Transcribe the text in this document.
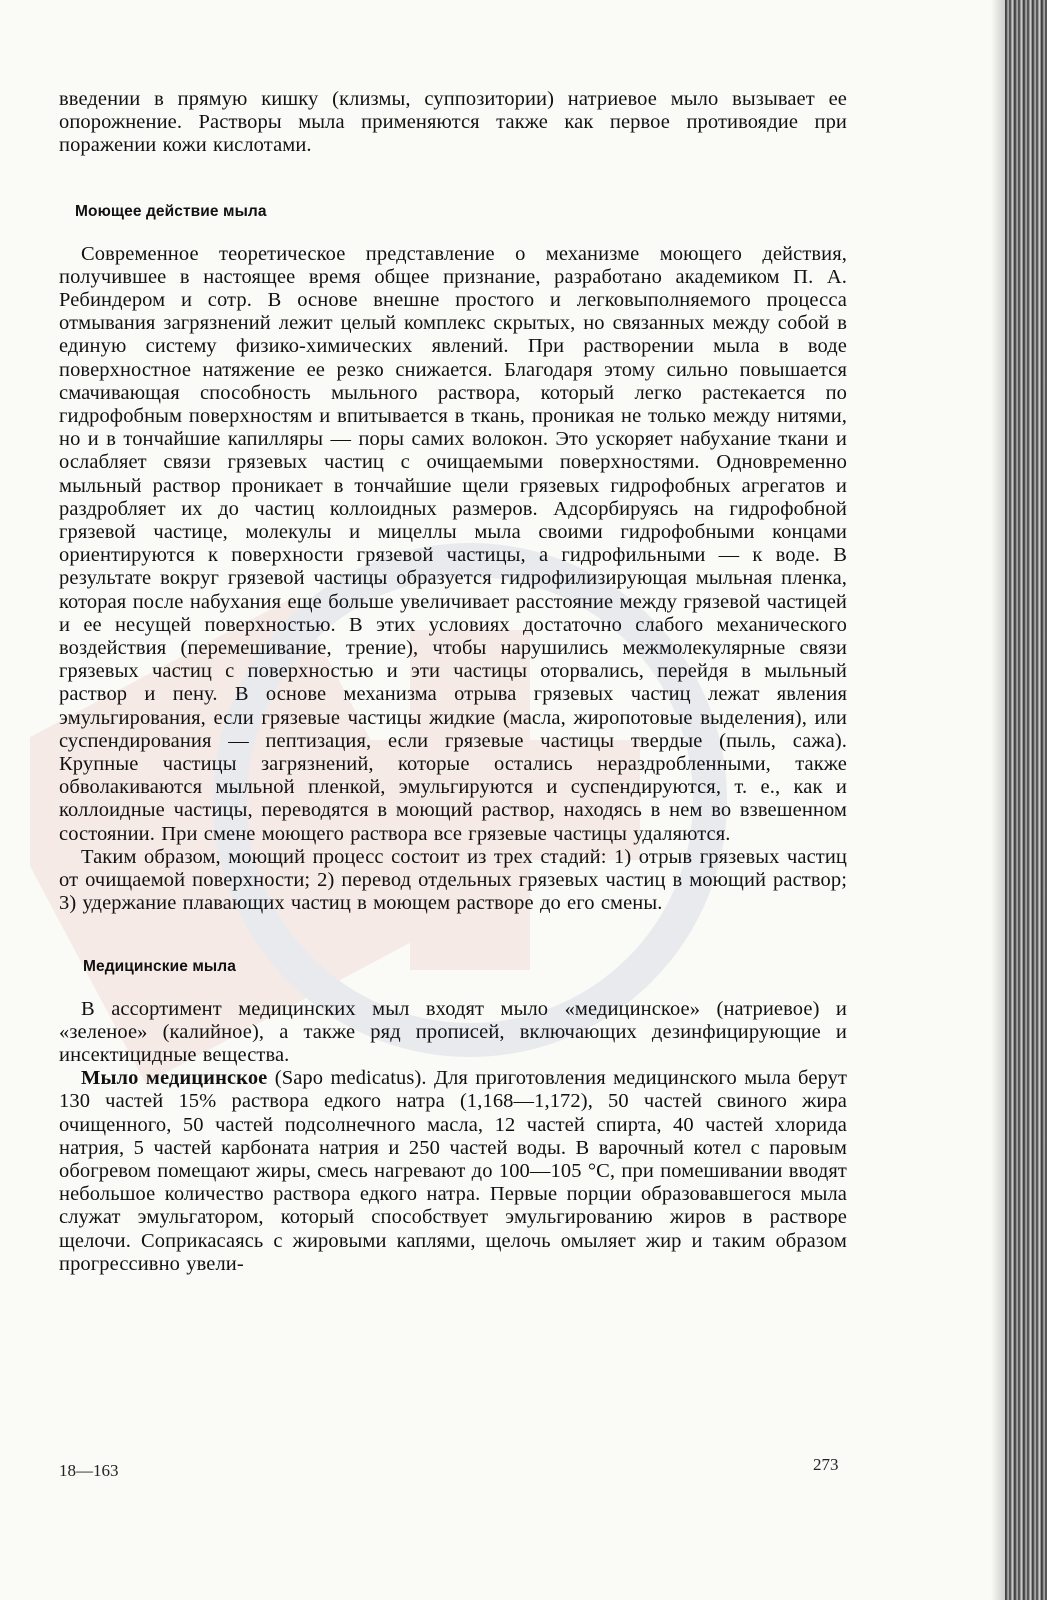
введении в прямую кишку (клизмы, суппозитории) натриевое мыло вызывает ее опорожнение. Растворы мыла применяются также как первое противоядие при поражении кожи кислотами.

Моющее действие мыла

Современное теоретическое представление о механизме моющего действия, получившее в настоящее время общее признание, разработано академиком П. А. Ребиндером и сотр. В основе внешне простого и легковыполняемого процесса отмывания загрязнений лежит целый комплекс скрытых, но связанных между собой в единую систему физико-химических явлений. При растворении мыла в воде поверхностное натяжение ее резко снижается. Благодаря этому сильно повышается смачивающая способность мыльного раствора, который легко растекается по гидрофобным поверхностям и впитывается в ткань, проникая не только между нитями, но и в тончайшие капилляры — поры самих волокон. Это ускоряет набухание ткани и ослабляет связи грязевых частиц с очищаемыми поверхностями. Одновременно мыльный раствор проникает в тончайшие щели грязевых гидрофобных агрегатов и раздробляет их до частиц коллоидных размеров. Адсорбируясь на гидрофобной грязевой частице, молекулы и мицеллы мыла своими гидрофобными концами ориентируются к поверхности грязевой частицы, а гидрофильными — к воде. В результате вокруг грязевой частицы образуется гидрофилизирующая мыльная пленка, которая после набухания еще больше увеличивает расстояние между грязевой частицей и ее несущей поверхностью. В этих условиях достаточно слабого механического воздействия (перемешивание, трение), чтобы нарушились межмолекулярные связи грязевых частиц с поверхностью и эти частицы оторвались, перейдя в мыльный раствор и пену. В основе механизма отрыва грязевых частиц лежат явления эмульгирования, если грязевые частицы жидкие (масла, жиропотовые выделения), или суспендирования — пептизация, если грязевые частицы твердые (пыль, сажа). Крупные частицы загрязнений, которые остались нераздробленными, также обволакиваются мыльной пленкой, эмульгируются и суспендируются, т. е., как и коллоидные частицы, переводятся в моющий раствор, находясь в нем во взвешенном состоянии. При смене моющего раствора все грязевые частицы удаляются.

Таким образом, моющий процесс состоит из трех стадий: 1) отрыв грязевых частиц от очищаемой поверхности; 2) перевод отдельных грязевых частиц в моющий раствор; 3) удержание плавающих частиц в моющем растворе до его смены.

Медицинские мыла

В ассортимент медицинских мыл входят мыло «медицинское» (натриевое) и «зеленое» (калийное), а также ряд прописей, включающих дезинфицирующие и инсектицидные вещества.

Мыло медицинское (Sapo medicatus). Для приготовления медицинского мыла берут 130 частей 15% раствора едкого натра (1,168—1,172), 50 частей свиного жира очищенного, 50 частей подсолнечного масла, 12 частей спирта, 40 частей хлорида натрия, 5 частей карбоната натрия и 250 частей воды. В варочный котел с паровым обогревом помещают жиры, смесь нагревают до 100—105 °С, при помешивании вводят небольшое количество раствора едкого натра. Первые порции образовавшегося мыла служат эмульгатором, который способствует эмульгированию жиров в растворе щелочи. Соприкасаясь с жировыми каплями, щелочь омыляет жир и таким образом прогрессивно увели-

18—163	273
